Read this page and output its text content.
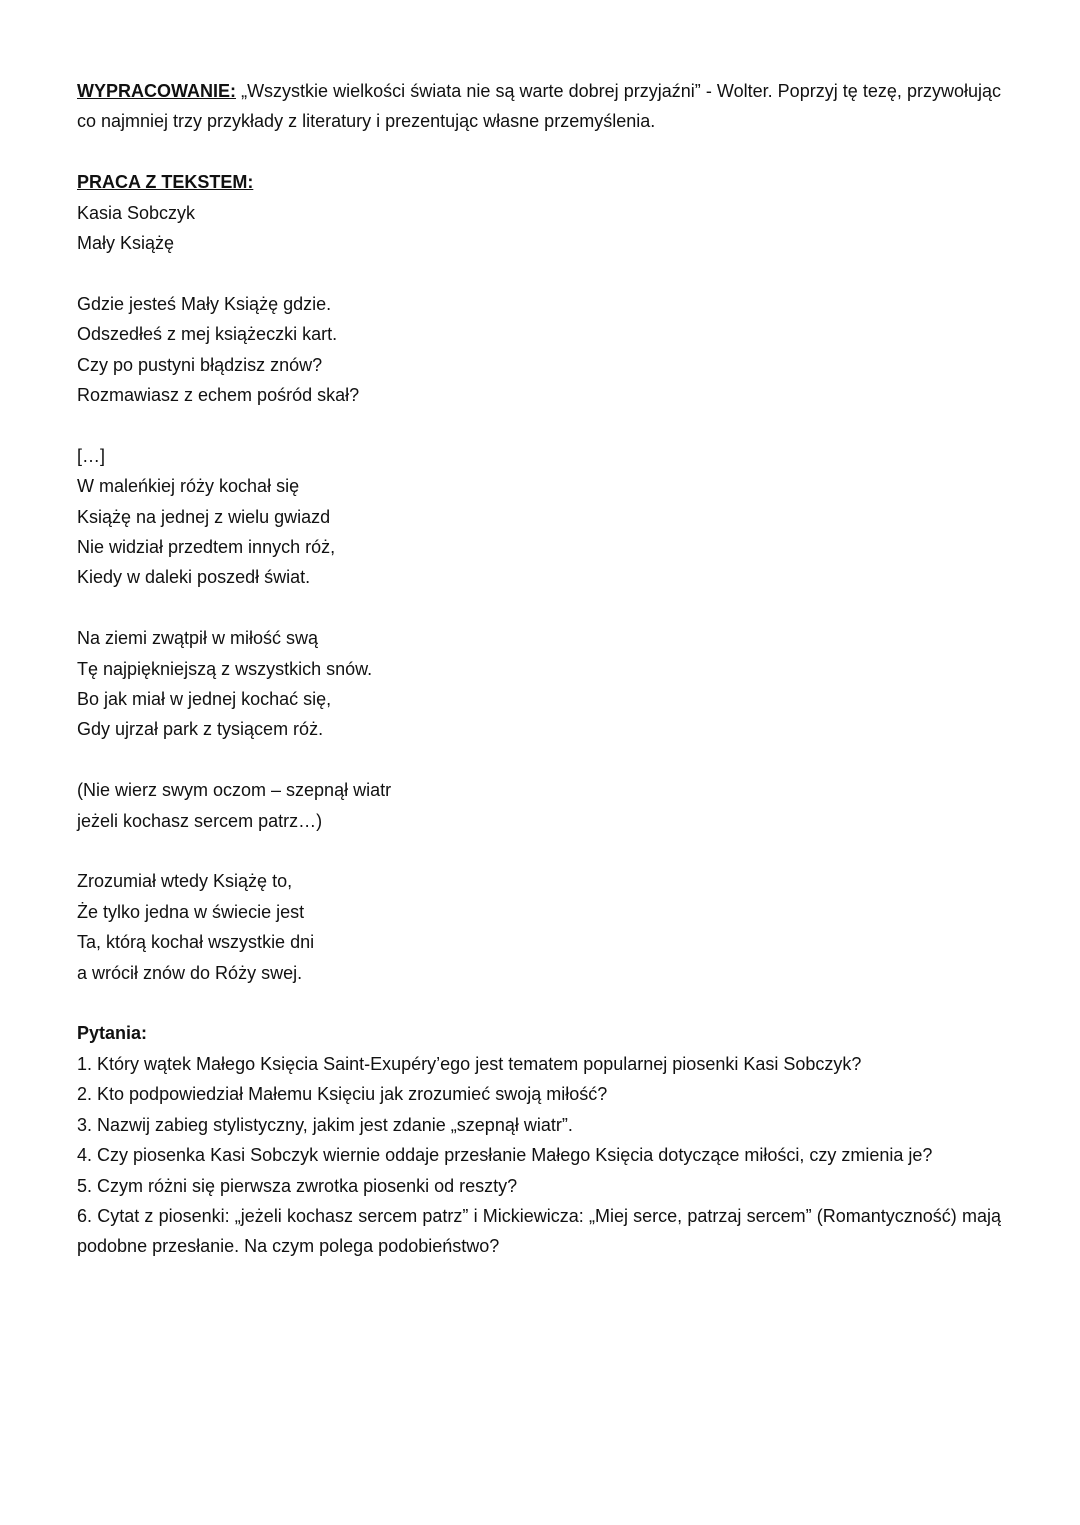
WYPRACOWANIE: „Wszystkie wielkości świata nie są warte dobrej przyjaźni” - Wolter. Poprzyj tę tezę, przywołując co najmniej trzy przykłady z literatury i prezentując własne przemyślenia.

PRACA Z TEKSTEM:
Kasia Sobczyk
Mały Książę
Gdzie jesteś Mały Książę gdzie.
Odszedłeś z mej książeczki kart.
Czy po pustyni błądzisz znów?
Rozmawiasz z echem pośród skał?
[…]
W maleńkiej róży kochał się
Książę na jednej z wielu gwiazd
Nie widział przedtem innych róż,
Kiedy w daleki poszedł świat.
Na ziemi zwątpił w miłość swą
Tę najpiękniejszą z wszystkich snów.
Bo jak miał w jednej kochać się,
Gdy ujrzał park z tysiącem róż.
(Nie wierz swym oczom – szepnął wiatr
jeżeli kochasz sercem patrz…)
Zrozumiał wtedy Książę to,
Że tylko jedna w świecie jest
Ta, którą kochał wszystkie dni
a wrócił znów do Róży swej.
Pytania:
1. Który wątek Małego Księcia Saint-Exupéry’ego jest tematem popularnej piosenki Kasi Sobczyk?
2. Kto podpowiedział Małemu Księciu jak zrozumieć swoją miłość?
3. Nazwij zabieg stylistyczny, jakim jest zdanie „szepnął wiatr”.
4. Czy piosenka Kasi Sobczyk wiernie oddaje przesłanie Małego Księcia dotyczące miłości, czy zmienia je?
5. Czym różni się pierwsza zwrotka piosenki od reszty?
6. Cytat z piosenki: „jeżeli kochasz sercem patrz” i Mickiewicza: „Miej serce, patrzaj sercem” (Romantyczność) mają podobne przesłanie. Na czym polega podobieństwo?
